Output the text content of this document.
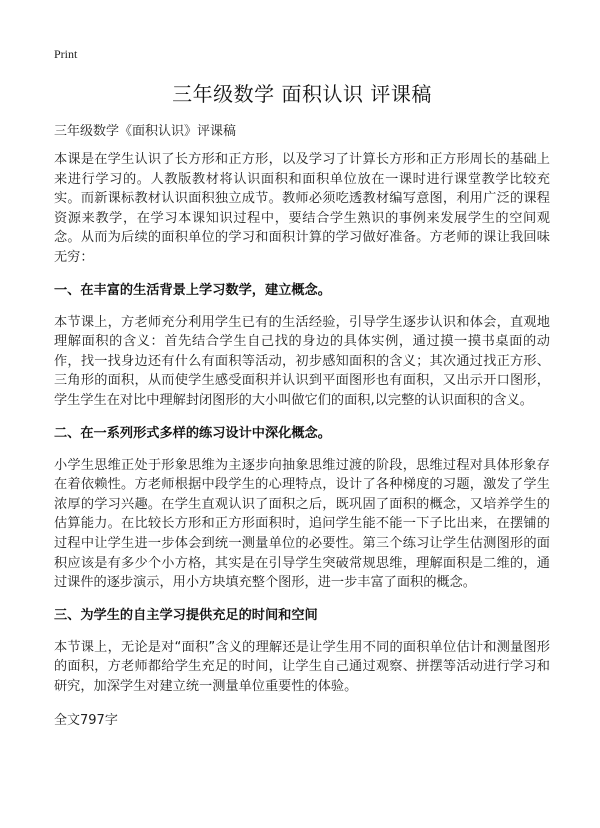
Print
三年级数学 面积认识 评课稿

三年级数学《面积认识》评课稿

本课是在学生认识了长方形和正方形，以及学习了计算长方形和正方形周长的基础上来进行学习的。人教版教材将认识面积和面积单位放在一课时进行课堂教学比较充实。而新课标教材认识面积独立成节。教师必须吃透教材编写意图，利用广泛的课程资源来教学，在学习本课知识过程中，要结合学生熟识的事例来发展学生的空间观念。从而为后续的面积单位的学习和面积计算的学习做好准备。方老师的课让我回味无穷：

一、在丰富的生活背景上学习数学，建立概念。

本节课上，方老师充分利用学生已有的生活经验，引导学生逐步认识和体会，直观地理解面积的含义：首先结合学生自己找的身边的具体实例，通过摸一摸书桌面的动作，找一找身边还有什么有面积等活动，初步感知面积的含义；其次通过找正方形、三角形的面积，从而使学生感受面积并认识到平面图形也有面积，又出示开口图形，学生学生在对比中理解封闭图形的大小叫做它们的面积,以完整的认识面积的含义。

二、在一系列形式多样的练习设计中深化概念。

小学生思维正处于形象思维为主逐步向抽象思维过渡的阶段，思维过程对具体形象存在着依赖性。方老师根据中段学生的心理特点，设计了各种梯度的习题，激发了学生浓厚的学习兴趣。在学生直观认识了面积之后，既巩固了面积的概念，又培养学生的估算能力。在比较长方形和正方形面积时，追问学生能不能一下子比出来，在摆铺的过程中让学生进一步体会到统一测量单位的必要性。第三个练习让学生估测图形的面积应该是有多少个小方格，其实是在引导学生突破常规思维，理解面积是二维的，通过课件的逐步演示，用小方块填充整个图形，进一步丰富了面积的概念。

三、为学生的自主学习提供充足的时间和空间

本节课上，无论是对“面积”含义的理解还是让学生用不同的面积单位估计和测量图形的面积，方老师都给学生充足的时间，让学生自己通过观察、拼摆等活动进行学习和研究，加深学生对建立统一测量单位重要性的体验。

全文797字
